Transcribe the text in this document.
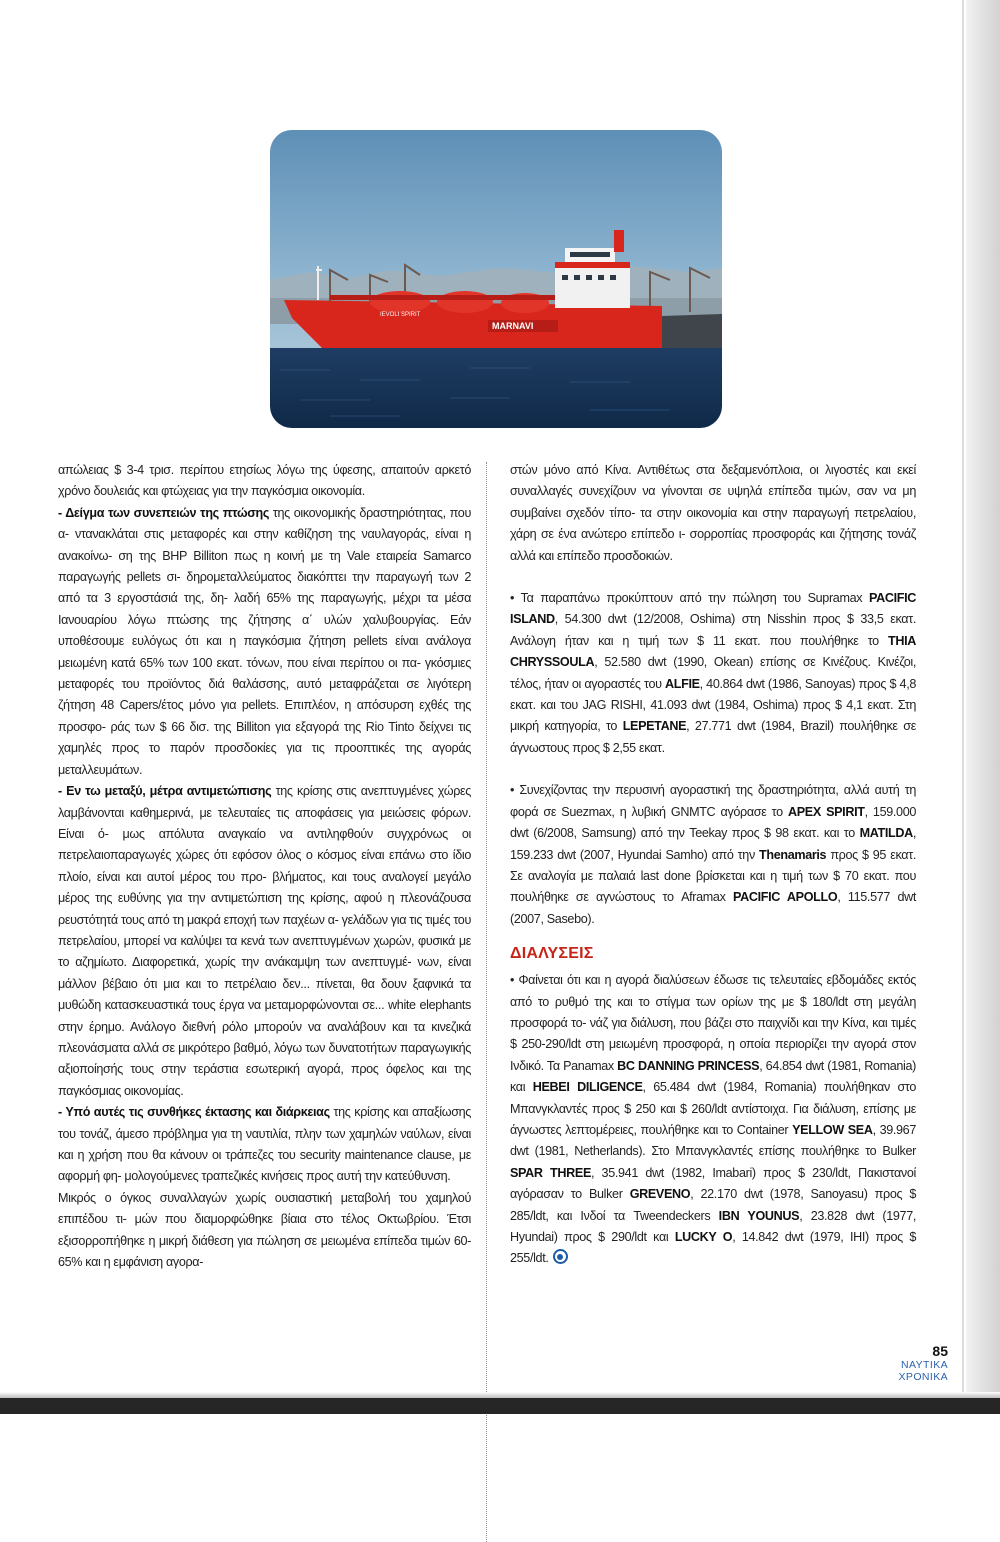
IEVOLI SPIRIT
MARNAVI

απώλειας $ 3-4 τρισ. περίπου ετησίως λόγω της ύφεσης, απαιτούν αρκετό χρόνο δουλειάς και φτώχειας για την παγκόσμια οικονομία.

- Δείγμα των συνεπειών της πτώσης της οικονομικής δραστηριότητας, που α- ντανακλάται στις μεταφορές και στην καθίζηση της ναυλαγοράς, είναι η ανακοίνω- ση της BHP Billiton πως η κοινή με τη Vale εταιρεία Samarco παραγωγής pellets σι- δηρομεταλλεύματος διακόπτει την παραγωγή των 2 από τα 3 εργοστάσιά της, δη- λαδή 65% της παραγωγής, μέχρι τα μέσα Ιανουαρίου λόγω πτώσης της ζήτησης α΄ υλών χαλυβουργίας. Εάν υποθέσουμε ευλόγως ότι και η παγκόσμια ζήτηση pellets είναι ανάλογα μειωμένη κατά 65% των 100 εκατ. τόνων, που είναι περίπου οι πα- γκόσμιες μεταφορές του προϊόντος διά θαλάσσης, αυτό μεταφράζεται σε λιγότερη ζήτηση 48 Capers/έτος μόνο για pellets. Επιπλέον, η απόσυρση εχθές της προσφο- ράς των $ 66 δισ. της Billiton για εξαγορά της Rio Tinto δείχνει τις χαμηλές προς το παρόν προσδοκίες για τις προοπτικές της αγοράς μεταλλευμάτων.

- Εν τω μεταξύ, μέτρα αντιμετώπισης της κρίσης στις ανεπτυγμένες χώρες λαμβάνονται καθημερινά, με τελευταίες τις αποφάσεις για μειώσεις φόρων. Είναι ό- μως απόλυτα αναγκαίο να αντιληφθούν συγχρόνως οι πετρελαιοπαραγωγές χώρες ότι εφόσον όλος ο κόσμος είναι επάνω στο ίδιο πλοίο, είναι και αυτοί μέρος του προ- βλήματος, και τους αναλογεί μεγάλο μέρος της ευθύνης για την αντιμετώπιση της κρίσης, αφού η πλεονάζουσα ρευστότητά τους από τη μακρά εποχή των παχέων α- γελάδων για τις τιμές του πετρελαίου, μπορεί να καλύψει τα κενά των ανεπτυγμένων χωρών, φυσικά με το αζημίωτο. Διαφορετικά, χωρίς την ανάκαμψη των ανεπτυγμέ- νων, είναι μάλλον βέβαιο ότι μια και το πετρέλαιο δεν... πίνεται, θα δουν ξαφνικά τα μυθώδη κατασκευαστικά τους έργα να μεταμορφώνονται σε... white elephants στην έρημο. Ανάλογο διεθνή ρόλο μπορούν να αναλάβουν και τα κινεζικά πλεονάσματα αλλά σε μικρότερο βαθμό, λόγω των δυνατοτήτων παραγωγικής αξιοποίησής τους στην τεράστια εσωτερική αγορά, προς όφελος και της παγκόσμιας οικονομίας.

- Υπό αυτές τις συνθήκες έκτασης και διάρκειας της κρίσης και απαξίωσης του τονάζ, άμεσο πρόβλημα για τη ναυτιλία, πλην των χαμηλών ναύλων, είναι και η χρήση που θα κάνουν οι τράπεζες του security maintenance clause, με αφορμή φη- μολογούμενες τραπεζικές κινήσεις προς αυτή την κατεύθυνση.

Μικρός ο όγκος συναλλαγών χωρίς ουσιαστική μεταβολή του χαμηλού επιπέδου τι- μών που διαμορφώθηκε βίαια στο τέλος Οκτωβρίου. Έτσι εξισορροπήθηκε η μικρή διάθεση για πώληση σε μειωμένα επίπεδα τιμών 60-65% και η εμφάνιση αγορα-

στών μόνο από Κίνα. Αντιθέτως στα δεξαμενόπλοια, οι λιγοστές και εκεί συναλλαγές συνεχίζουν να γίνονται σε υψηλά επίπεδα τιμών, σαν να μη συμβαίνει σχεδόν τίπο- τα στην οικονομία και στην παραγωγή πετρελαίου, χάρη σε ένα ανώτερο επίπεδο ι- σορροπίας προσφοράς και ζήτησης τονάζ αλλά και επίπεδο προσδοκιών.

• Τα παραπάνω προκύπτουν από την πώληση του Supramax PACIFIC ISLAND, 54.300 dwt (12/2008, Oshima) στη Nisshin προς $ 33,5 εκατ. Ανάλογη ήταν και η τιμή των $ 11 εκατ. που πουλήθηκε το THIA CHRYSSOULA, 52.580 dwt (1990, Okean) επίσης σε Κινέζους. Κινέζοι, τέλος, ήταν οι αγοραστές του ALFIE, 40.864 dwt (1986, Sanoyas) προς $ 4,8 εκατ. και του JAG RISHI, 41.093 dwt (1984, Oshima) προς $ 4,1 εκατ. Στη μικρή κατηγορία, το LEPETANE, 27.771 dwt (1984, Brazil) πουλήθηκε σε άγνωστους προς $ 2,55 εκατ.

• Συνεχίζοντας την περυσινή αγοραστική της δραστηριότητα, αλλά αυτή τη φορά σε Suezmax, η λυβική GNMTC αγόρασε το APEX SPIRIT, 159.000 dwt (6/2008, Samsung) από την Teekay προς $ 98 εκατ. και το MATILDA, 159.233 dwt (2007, Hyundai Samho) από την Thenamaris προς $ 95 εκατ. Σε αναλογία με παλαιά last done βρίσκεται και η τιμή των $ 70 εκατ. που πουλήθηκε σε αγνώστους το Aframax PACIFIC APOLLO, 115.577 dwt (2007, Sasebo).

ΔΙΑΛΥΣΕΙΣ

• Φαίνεται ότι και η αγορά διαλύσεων έδωσε τις τελευταίες εβδομάδες εκτός από το ρυθμό της και το στίγμα των ορίων της με $ 180/ldt στη μεγάλη προσφορά το- νάζ για διάλυση, που βάζει στο παιχνίδι και την Κίνα, και τιμές $ 250-290/ldt στη μειωμένη προσφορά, η οποία περιορίζει την αγορά στον Ινδικό. Τα Panamax BC DANNING PRINCESS, 64.854 dwt (1981, Romania) και HEBEI DILIGENCE, 65.484 dwt (1984, Romania) πουλήθηκαν στο Μπανγκλαντές προς $ 250 και $ 260/ldt αντίστοιχα. Για διάλυση, επίσης με άγνωστες λεπτομέρειες, πουλήθηκε και το Container YELLOW SEA, 39.967 dwt (1981, Netherlands). Στο Μπανγκλαντές επίσης πουλήθηκε το Bulker SPAR THREE, 35.941 dwt (1982, Imabari) προς $ 230/ldt, Πακιστανοί αγόρασαν το Bulker GREVENO, 22.170 dwt (1978, Sanoyasu) προς $ 285/ldt, και Ινδοί τα Tweendeckers IBN YOUNUS, 23.828 dwt (1977, Hyundai) προς $ 290/ldt και LUCKY O, 14.842 dwt (1979, IHI) προς $ 255/ldt.

85
ΝΑΥΤΙΚΑ
ΧΡΟΝΙΚΑ
